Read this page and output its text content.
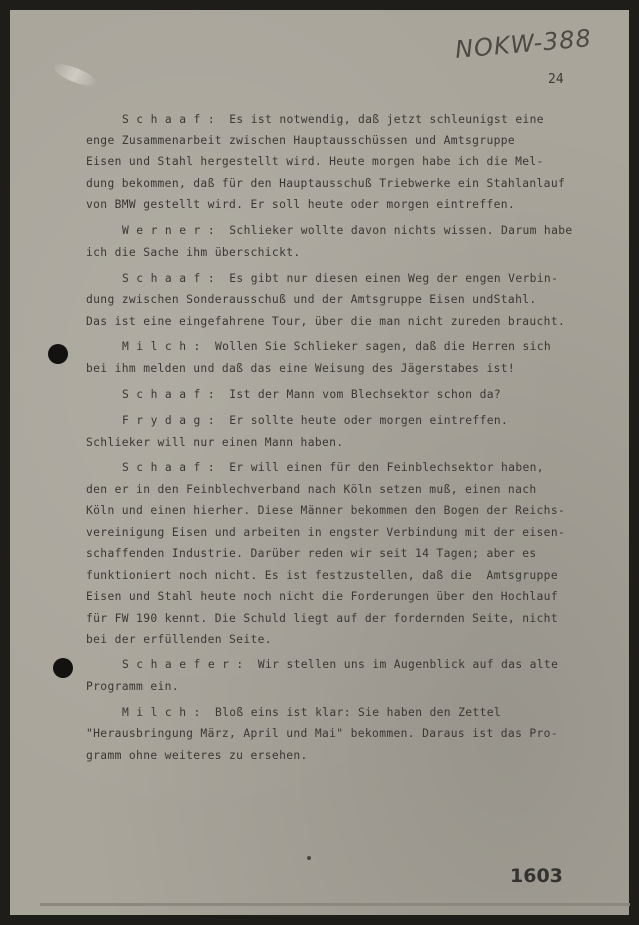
NOKW-388
24
S c h a a f :  Es ist notwendig, daß jetzt schleunigst eine
enge Zusammenarbeit zwischen Hauptausschüssen und Amtsgruppe
Eisen und Stahl hergestellt wird. Heute morgen habe ich die Mel-
dung bekommen, daß für den Hauptausschuß Triebwerke ein Stahlanlauf
von BMW gestellt wird. Er soll heute oder morgen eintreffen.
W e r n e r :  Schlieker wollte davon nichts wissen. Darum habe
ich die Sache ihm überschickt.
S c h a a f :  Es gibt nur diesen einen Weg der engen Verbin-
dung zwischen Sonderausschuß und der Amtsgruppe Eisen undStahl.
Das ist eine eingefahrene Tour, über die man nicht zureden braucht.
M i l c h :  Wollen Sie Schlieker sagen, daß die Herren sich
bei ihm melden und daß das eine Weisung des Jägerstabes ist!
S c h a a f :  Ist der Mann vom Blechsektor schon da?
F r y d a g :  Er sollte heute oder morgen eintreffen.
Schlieker will nur einen Mann haben.
S c h a a f :  Er will einen für den Feinblechsektor haben,
den er in den Feinblechverband nach Köln setzen muß, einen nach
Köln und einen hierher. Diese Männer bekommen den Bogen der Reichs-
vereinigung Eisen und arbeiten in engster Verbindung mit der eisen-
schaffenden Industrie. Darüber reden wir seit 14 Tagen; aber es
funktioniert noch nicht. Es ist festzustellen, daß die  Amtsgruppe
Eisen und Stahl heute noch nicht die Forderungen über den Hochlauf
für FW 190 kennt. Die Schuld liegt auf der fordernden Seite, nicht
bei der erfüllenden Seite.
S c h a e f e r :  Wir stellen uns im Augenblick auf das alte
Programm ein.
M i l c h :  Bloß eins ist klar: Sie haben den Zettel
"Herausbringung März, April und Mai" bekommen. Daraus ist das Pro-
gramm ohne weiteres zu ersehen.
1603
